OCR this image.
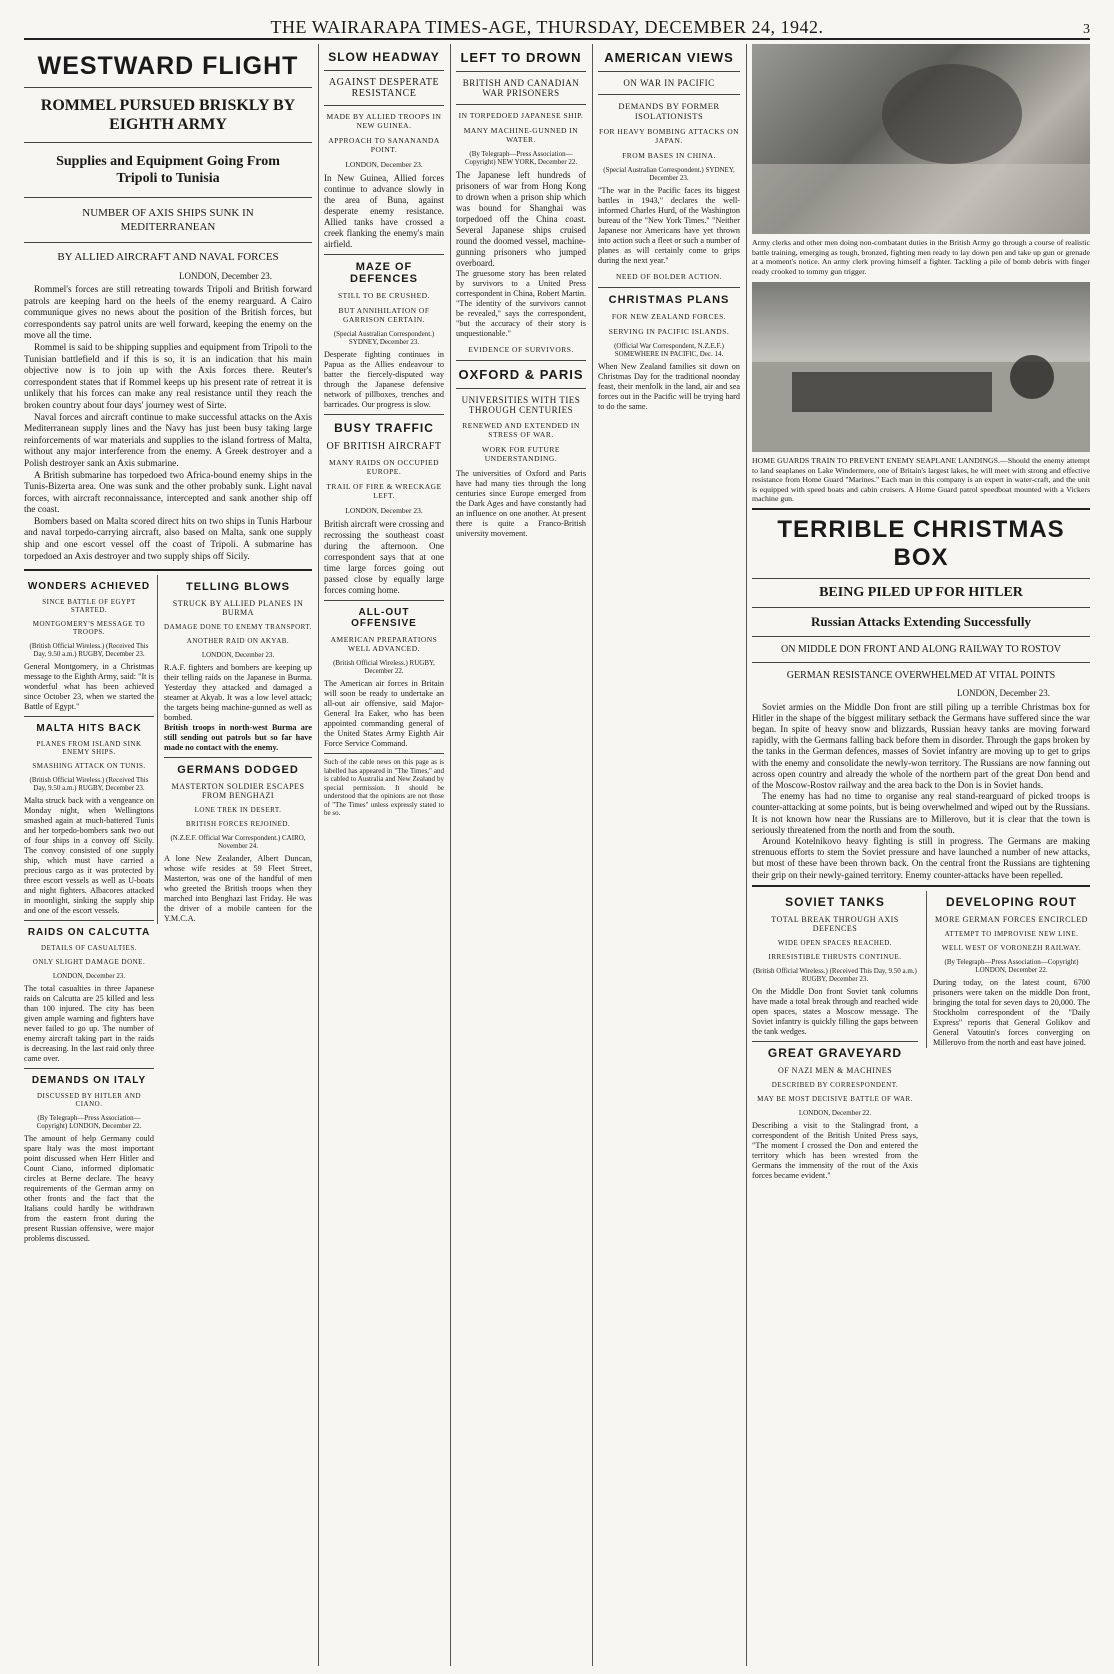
THE WAIRARAPA TIMES-AGE, THURSDAY, DECEMBER 24, 1942.	3
WESTWARD FLIGHT
ROMMEL PURSUED BRISKLY BY EIGHTH ARMY
Supplies and Equipment Going From Tripoli to Tunisia
NUMBER OF AXIS SHIPS SUNK IN MEDITERRANEAN
BY ALLIED AIRCRAFT AND NAVAL FORCES
LONDON, December 23.

Rommel's forces are still retreating towards Tripoli and British forward patrols are keeping hard on the heels of the enemy rearguard. A Cairo communique gives no news about the position of the British forces, but correspondents say patrol units are well forward, keeping the enemy on the move all the time.

Rommel is said to be shipping supplies and equipment from Tripoli to the Tunisian battlefield and if this is so, it is an indication that his main objective now is to join up with the Axis forces there. Reuter's correspondent states that if Rommel keeps up his present rate of retreat it is unlikely that his forces can make any real resistance until they reach the broken country about four days' journey west of Sirte.

Naval forces and aircraft continue to make successful attacks on the Axis Mediterranean supply lines and the Navy has just been busy taking large reinforcements of war materials and supplies to the island fortress of Malta, without any major interference from the enemy. A Greek destroyer and a Polish destroyer sank an Axis submarine.

A British submarine has torpedoed two Africa-bound enemy ships in the Tunis-Bizerta area. One was sunk and the other probably sunk. Light naval forces, with aircraft reconnaissance, intercepted and sank another ship off the coast.

Bombers based on Malta scored direct hits on two ships in Tunis Harbour and naval torpedo-carrying aircraft, also based on Malta, sank one supply ship and one escort vessel off the coast of Tripoli. A submarine has torpedoed an Axis destroyer and two supply ships off Sicily.

WONDERS ACHIEVED
SINCE BATTLE OF EGYPT STARTED.
MONTGOMERY'S MESSAGE TO TROOPS.
(British Official Wireless.) (Received This Day, 9.50 a.m.) RUGBY, December 23.
General Montgomery, in a Christmas message to the Eighth Army, said: "It is wonderful what has been achieved since October 23, when we started the Battle of Egypt."
MALTA HITS BACK
PLANES FROM ISLAND SINK ENEMY SHIPS.
SMASHING ATTACK ON TUNIS.
(British Official Wireless.) (Received This Day, 9.50 a.m.) RUGBY, December 23.
Malta struck back with a vengeance on Monday night, when Wellingtons smashed again at much-battered Tunis and her torpedo-bombers sank two out of four ships in a convoy off Sicily. The convoy consisted of one supply ship, which must have carried a precious cargo as it was protected by three escort vessels as well as U-boats and night fighters. Albacores attacked in moonlight, sinking the supply ship and one of the escort vessels.
RAIDS ON CALCUTTA
DETAILS OF CASUALTIES.
ONLY SLIGHT DAMAGE DONE.
LONDON, December 23.
The total casualties in three Japanese raids on Calcutta are 25 killed and less than 100 injured. The city has been given ample warning and fighters have never failed to go up. The number of enemy aircraft taking part in the raids is decreasing. In the last raid only three came over.
DEMANDS ON ITALY
DISCUSSED BY HITLER AND CIANO.
(By Telegraph—Press Association—Copyright) LONDON, December 22.
The amount of help Germany could spare Italy was the most important point discussed when Herr Hitler and Count Ciano, informed diplomatic circles at Berne declare. The heavy requirements of the German army on other fronts and the fact that the Italians could hardly be withdrawn from the eastern front during the present Russian offensive, were major problems discussed.
TELLING BLOWS
STRUCK BY ALLIED PLANES IN BURMA
DAMAGE DONE TO ENEMY TRANSPORT.
ANOTHER RAID ON AKYAB.
LONDON, December 23.
R.A.F. fighters and bombers are keeping up their telling raids on the Japanese in Burma. Yesterday they attacked and damaged a steamer at Akyab. It was a low level attack; the targets being machine-gunned as well as bombed.
British troops in north-west Burma are still sending out patrols but so far have made no contact with the enemy.
GERMANS DODGED
MASTERTON SOLDIER ESCAPES FROM BENGHAZI
LONE TREK IN DESERT.
BRITISH FORCES REJOINED.
(N.Z.E.F. Official War Correspondent.) CAIRO, November 24.
A lone New Zealander, Albert Duncan, whose wife resides at 59 Fleet Street, Masterton, was one of the handful of men who greeted the British troops when they marched into Benghazi last Friday. He was the driver of a mobile canteen for the Y.M.C.A.
SLOW HEADWAY
AGAINST DESPERATE RESISTANCE
MADE BY ALLIED TROOPS IN NEW GUINEA.
APPROACH TO SANANANDA POINT.
LONDON, December 23.
In New Guinea, Allied forces continue to advance slowly in the area of Buna, against desperate enemy resistance. Allied tanks have crossed a creek flanking the enemy's main airfield.
MAZE OF DEFENCES
STILL TO BE CRUSHED.
BUT ANNIHILATION OF GARRISON CERTAIN.
(Special Australian Correspondent.) SYDNEY, December 23.
Desperate fighting continues in Papua as the Allies endeavour to batter the fiercely-disputed way through the Japanese defensive network of pillboxes, trenches and barricades. Our progress is slow.
BUSY TRAFFIC
OF BRITISH AIRCRAFT
MANY RAIDS ON OCCUPIED EUROPE.
TRAIL OF FIRE & WRECKAGE LEFT.
LONDON, December 23.
British aircraft were crossing and recrossing the southeast coast during the afternoon. One correspondent says that at one time large forces going out passed close by equally large forces coming home.
ALL-OUT OFFENSIVE
AMERICAN PREPARATIONS WELL ADVANCED.
(British Official Wireless.) RUGBY, December 22.
The American air forces in Britain will soon be ready to undertake an all-out air offensive, said Major-General Ira Eaker, who has been appointed commanding general of the United States Army Eighth Air Force Service Command.
Such of the cable news on this page as is labelled has appeared in "The Times," and is cabled to Australia and New Zealand by special permission. It should be understood that the opinions are not those of "The Times" unless expressly stated to be so.
LEFT TO DROWN
BRITISH AND CANADIAN WAR PRISONERS
IN TORPEDOED JAPANESE SHIP.
MANY MACHINE-GUNNED IN WATER.
(By Telegraph—Press Association—Copyright) NEW YORK, December 22.
The Japanese left hundreds of prisoners of war from Hong Kong to drown when a prison ship which was bound for Shanghai was torpedoed off the China coast. Several Japanese ships cruised round the doomed vessel, machine-gunning prisoners who jumped overboard.
The gruesome story has been related by survivors to a United Press correspondent in China, Robert Martin. "The identity of the survivors cannot be revealed," says the correspondent, "but the accuracy of their story is unquestionable."
EVIDENCE OF SURVIVORS.
OXFORD & PARIS
UNIVERSITIES WITH TIES THROUGH CENTURIES
RENEWED AND EXTENDED IN STRESS OF WAR.
WORK FOR FUTURE UNDERSTANDING.
The universities of Oxford and Paris have had many ties through the long centuries since Europe emerged from the Dark Ages and have constantly had an influence on one another. At present there is quite a Franco-British university movement.
AMERICAN VIEWS
ON WAR IN PACIFIC
DEMANDS BY FORMER ISOLATIONISTS
FOR HEAVY BOMBING ATTACKS ON JAPAN.
FROM BASES IN CHINA.
(Special Australian Correspondent.) SYDNEY, December 23.
"The war in the Pacific faces its biggest battles in 1943," declares the well-informed Charles Hurd, of the Washington bureau of the "New York Times." "Neither Japanese nor Americans have yet thrown into action such a fleet or such a number of planes as will certainly come to grips during the next year."
NEED OF BOLDER ACTION.
CHRISTMAS PLANS
FOR NEW ZEALAND FORCES.
SERVING IN PACIFIC ISLANDS.
(Official War Correspondent, N.Z.E.F.) SOMEWHERE IN PACIFIC, Dec. 14.
When New Zealand families sit down on Christmas Day for the traditional noonday feast, their menfolk in the land, air and sea forces out in the Pacific will be trying hard to do the same.
Army clerks and other men doing non-combatant duties in the British Army go through a course of realistic battle training, emerging as tough, bronzed, fighting men ready to lay down pen and take up gun or grenade at a moment's notice. An army clerk proving himself a fighter. Tackling a pile of bomb debris with finger ready crooked to tommy gun trigger.
HOME GUARDS TRAIN TO PREVENT ENEMY SEAPLANE LANDINGS.—Should the enemy attempt to land seaplanes on Lake Windermere, one of Britain's largest lakes, he will meet with strong and effective resistance from Home Guard "Marines." Each man in this company is an expert in water-craft, and the unit is equipped with speed boats and cabin cruisers. A Home Guard patrol speedboat mounted with a Vickers machine gun.
TERRIBLE CHRISTMAS BOX
BEING PILED UP FOR HITLER
Russian Attacks Extending Successfully
ON MIDDLE DON FRONT AND ALONG RAILWAY TO ROSTOV
GERMAN RESISTANCE OVERWHELMED AT VITAL POINTS
LONDON, December 23.

Soviet armies on the Middle Don front are still piling up a terrible Christmas box for Hitler in the shape of the biggest military setback the Germans have suffered since the war began. In spite of heavy snow and blizzards, Russian heavy tanks are moving forward rapidly, with the Germans falling back before them in disorder. Through the gaps broken by the tanks in the German defences, masses of Soviet infantry are moving up to get to grips with the enemy and consolidate the newly-won territory. The Russians are now fanning out across open country and already the whole of the northern part of the great Don bend and of the Moscow-Rostov railway and the area back to the Don is in Soviet hands.

The enemy has had no time to organise any real stand-rearguard of picked troops is counter-attacking at some points, but is being overwhelmed and wiped out by the Russians. It is not known how near the Russians are to Millerovo, but it is clear that the town is seriously threatened from the north and from the south.

Around Kotelnikovo heavy fighting is still in progress. The Germans are making strenuous efforts to stem the Soviet pressure and have launched a number of new attacks, but most of these have been thrown back. On the central front the Russians are tightening their grip on their newly-gained territory. Enemy counter-attacks have been repelled.

SOVIET TANKS
TOTAL BREAK THROUGH AXIS DEFENCES
WIDE OPEN SPACES REACHED.
IRRESISTIBLE THRUSTS CONTINUE.
(British Official Wireless.) (Received This Day, 9.50 a.m.) RUGBY, December 23.
On the Middle Don front Soviet tank columns have made a total break through and reached wide open spaces, states a Moscow message. The Soviet infantry is quickly filling the gaps between the tank wedges.
GREAT GRAVEYARD
OF NAZI MEN & MACHINES
DESCRIBED BY CORRESPONDENT.
MAY BE MOST DECISIVE BATTLE OF WAR.
LONDON, December 22.
Describing a visit to the Stalingrad front, a correspondent of the British United Press says, "The moment I crossed the Don and entered the territory which has been wrested from the Germans the immensity of the rout of the Axis forces became evident."
DEVELOPING ROUT
MORE GERMAN FORCES ENCIRCLED
ATTEMPT TO IMPROVISE NEW LINE.
WELL WEST OF VORONEZH RAILWAY.
(By Telegraph—Press Association—Copyright) LONDON, December 22.
During today, on the latest count, 6700 prisoners were taken on the middle Don front, bringing the total for seven days to 20,000. The Stockholm correspondent of the "Daily Express" reports that General Golikov and General Vatoutin's forces converging on Millerovo from the north and east have joined.
